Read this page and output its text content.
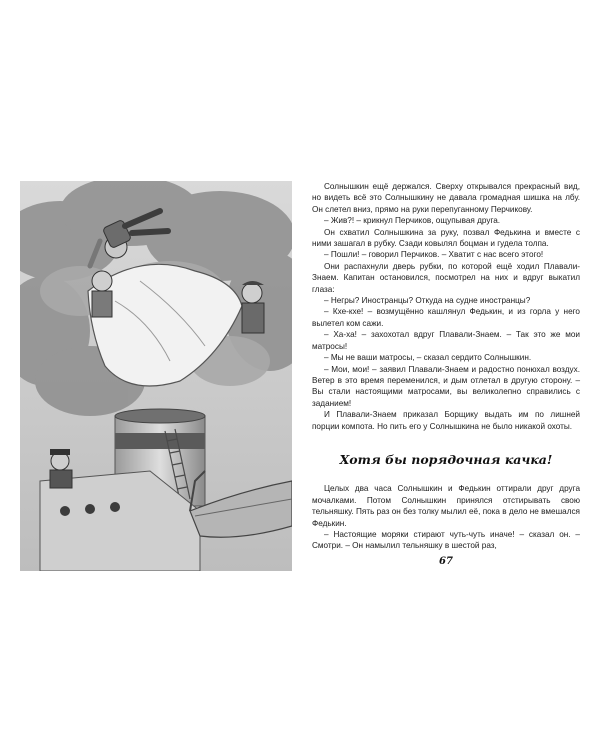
Солнышкин ещё держался. Сверху открывался прекрасный вид, но видеть всё это Солнышкину не давала громадная шишка на лбу. Он слетел вниз, прямо на руки перепуганному Перчикову.

– Жив?! – крикнул Перчиков, ощупывая друга.

Он схватил Солнышкина за руку, позвал Федькина и вместе с ними зашагал в рубку. Сзади ковылял боцман и гудела толпа.

– Пошли! – говорил Перчиков. – Хватит с нас всего этого!

Они распахнули дверь рубки, по которой ещё ходил Плавали-Знаем. Капитан остановился, посмотрел на них и вдруг выкатил глаза:

– Негры? Иностранцы? Откуда на судне иностранцы?

– Кхе-кхе! – возмущённо кашлянул Федькин, и из горла у него вылетел ком сажи.

– Ха-ха! – захохотал вдруг Плавали-Знаем. – Так это же мои матросы!

– Мы не ваши матросы, – сказал сердито Солнышкин.

– Мои, мои! – заявил Плавали-Знаем и радостно понюхал воздух. Ветер в это время переменился, и дым отлетал в другую сторону. – Вы стали настоящими матросами, вы великолепно справились с заданием!

И Плавали-Знаем приказал Борщику выдать им по лишней порции компота. Но пить его у Солнышкина не было никакой охоты.

Хотя бы порядочная качка!

Целых два часа Солнышкин и Федькин оттирали друг друга мочалками. Потом Солнышкин принялся отстирывать свою тельняшку. Пять раз он без толку мылил её, пока в дело не вмешался Федькин.

– Настоящие моряки стирают чуть-чуть иначе! – сказал он. – Смотри. – Он намылил тельняшку в шестой раз,

67
